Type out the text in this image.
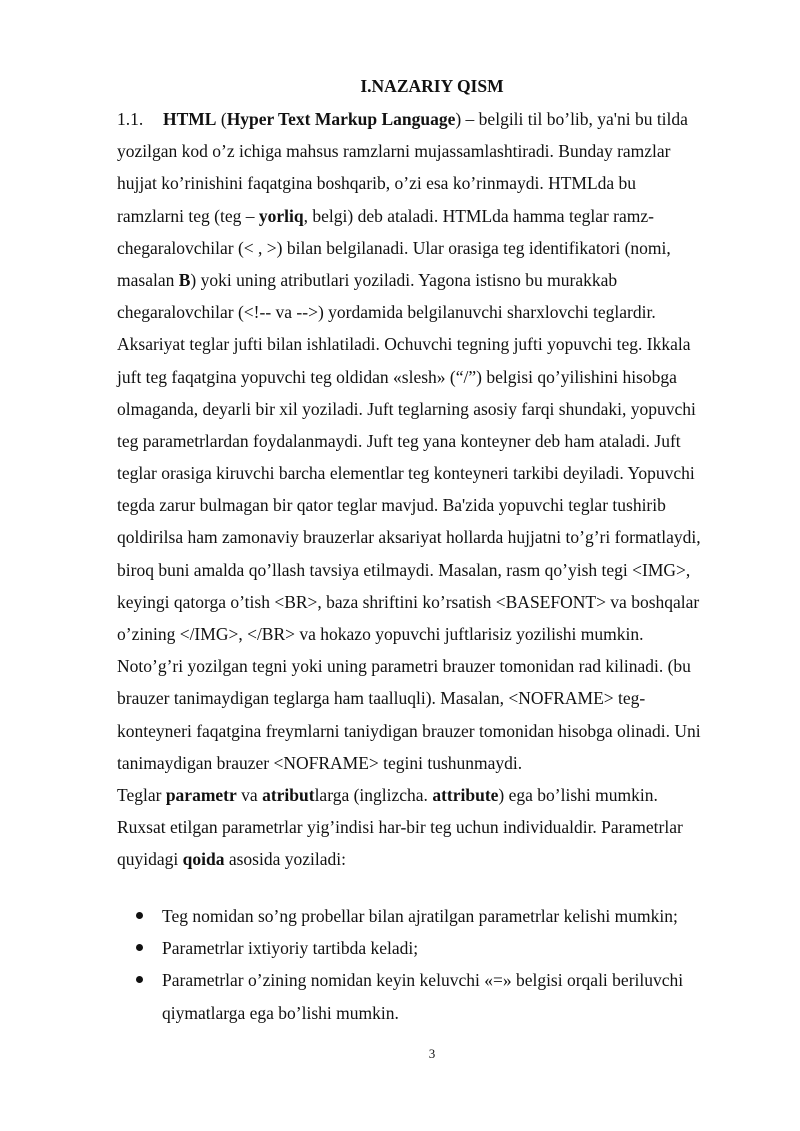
I.NAZARIY QISM
1.1. HTML (Hyper Text Markup Language) – belgili til bo’lib, ya'ni bu tilda
yozilgan kod o’z ichiga mahsus ramzlarni mujassamlashtiradi. Bunday ramzlar
hujjat ko’rinishini faqatgina boshqarib, o’zi esa ko’rinmaydi. HTMLda bu
ramzlarni teg (teg – yorliq, belgi) deb ataladi. HTMLda hamma teglar ramz-
chegaralovchilar (< , >) bilan belgilanadi. Ular orasiga teg identifikatori (nomi,
masalan B) yoki uning atributlari yoziladi. Yagona istisno bu murakkab
chegaralovchilar (<!-- va -->) yordamida belgilanuvchi sharxlovchi teglardir.
Aksariyat teglar jufti bilan ishlatiladi. Ochuvchi tegning jufti yopuvchi teg. Ikkala
juft teg faqatgina yopuvchi teg oldidan «slesh» (“/”) belgisi qo’yilishini hisobga
olmaganda, deyarli bir xil yoziladi. Juft teglarning asosiy farqi shundaki, yopuvchi
teg parametrlardan foydalanmaydi. Juft teg yana konteyner deb ham ataladi. Juft
teglar orasiga kiruvchi barcha elementlar teg konteyneri tarkibi deyiladi. Yopuvchi
tegda zarur bulmagan bir qator teglar mavjud. Ba'zida yopuvchi teglar tushirib
qoldirilsa ham zamonaviy brauzerlar aksariyat hollarda hujjatni to’g’ri formatlaydi,
biroq buni amalda qo’llash tavsiya etilmaydi. Masalan, rasm qo’yish tegi <IMG>,
keyingi qatorga o’tish <BR>, baza shriftini ko’rsatish <BASEFONT> va boshqalar
o’zining </IMG>, </BR> va hokazo yopuvchi juftlarisiz yozilishi mumkin.
Noto’g’ri yozilgan tegni yoki uning parametri brauzer tomonidan rad kilinadi. (bu
brauzer tanimaydigan teglarga ham taalluqli). Masalan, <NOFRAME> teg-
konteyneri faqatgina freymlarni taniydigan brauzer tomonidan hisobga olinadi. Uni
tanimaydigan brauzer <NOFRAME> tegini tushunmaydi.
Teglar parametr va atributlarga (inglizcha. attribute) ega bo’lishi mumkin.
Ruxsat etilgan parametrlar yig’indisi har-bir teg uchun individualdir. Parametrlar
quyidagi qoida asosida yoziladi:
Teg nomidan so’ng probellar bilan ajratilgan parametrlar kelishi mumkin;
Parametrlar ixtiyoriy tartibda keladi;
Parametrlar o’zining nomidan keyin keluvchi «=» belgisi orqali beriluvchi
qiymatlarga ega bo’lishi mumkin.
3
